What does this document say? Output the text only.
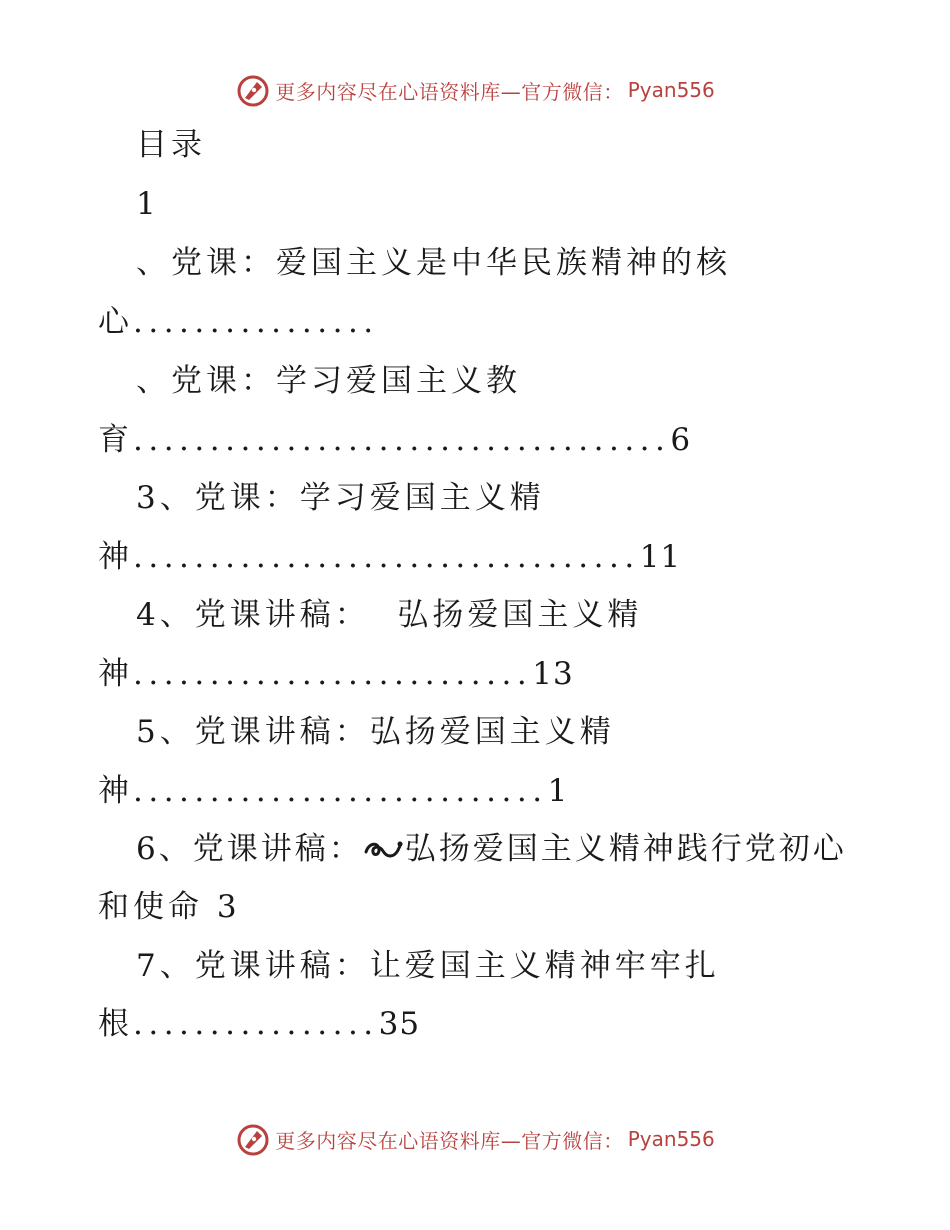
更多内容尽在心语资料库—官方微信： Pyan556
目录
1
、党课：爱国主义是中华民族精神的核
心................
、党课：学习爱国主义教
育...................................6
3、党课：学习爱国主义精
神.................................11
4、党课讲稿：  弘扬爱国主义精
神..........................13
5、党课讲稿：弘扬爱国主义精
神...........................1
6、党课讲稿： 弘扬爱国主义精神践行党初心
和使命 3
7、党课讲稿：让爱国主义精神牢牢扎
根................35
更多内容尽在心语资料库—官方微信： Pyan556
